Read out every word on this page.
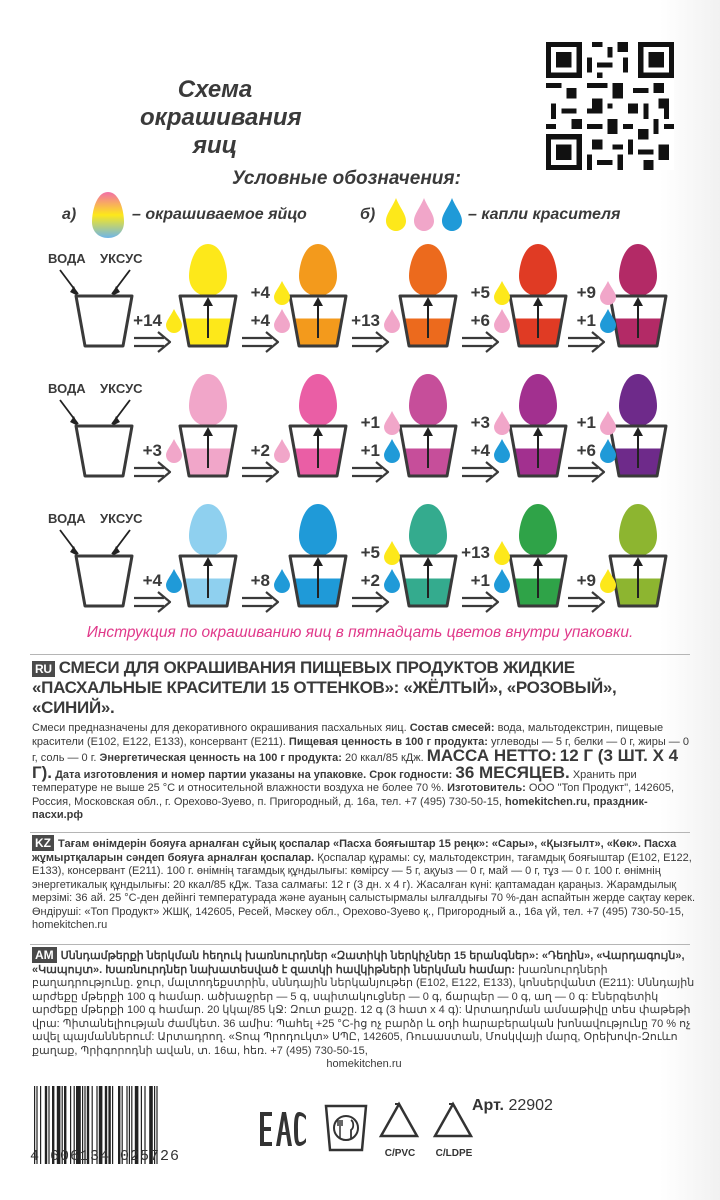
Схема
окрашивания
яиц
Условные обозначения:
а)	– окрашиваемое яйцо	б)	– капли красителя
ВОДА УКСУС
+14
+4
+4	+13
+5
+6
+9
+1
ВОДА УКСУС
+3	+2
+1
+1
+3
+4
+1
+6
ВОДА УКСУС
+4	+8
+5
+2
+13
+1	+9
Инструкция по окрашиванию яиц в пятнадцать цветов внутри упаковки.
RU СМЕСИ ДЛЯ ОКРАШИВАНИЯ ПИЩЕВЫХ ПРОДУКТОВ ЖИДКИЕ «ПАСХАЛЬНЫЕ КРАСИТЕЛИ 15 ОТТЕНКОВ»: «ЖЁЛТЫЙ», «РОЗОВЫЙ», «СИНИЙ».
Смеси предназначены для декоративного окрашивания пасхальных яиц. Состав смесей: вода, мальтодекстрин, пищевые красители (E102, E122, E133), консервант (E211). Пищевая ценность в 100 г продукта: углеводы — 5 г, белки — 0 г, жиры — 0 г, соль — 0 г. Энергетическая ценность на 100 г продукта: 20 ккал/85 кДж. МАССА НЕТТО: 12 Г (3 ШТ. Х 4 Г). Дата изготовления и номер партии указаны на упаковке. Срок годности: 36 МЕСЯЦЕВ. Хранить при температуре не выше 25 °С и относительной влажности воздуха не более 70 %. Изготовитель: ООО "Топ Продукт", 142605, Россия, Московская обл., г. Орехово-Зуево, п. Пригородный, д. 16а, тел. +7 (495) 730-50-15, homekitchen.ru, праздник-пасхи.рф
KZ Тағам өнімдерін бояуға арналған сұйық қоспалар «Пасха бояғыштар 15 реңк»: «Сары», «Қызғылт», «Көк». Пасха жұмыртқаларын сәндеп бояуға арналған қоспалар. Қоспалар құрамы: су, мальтодекстрин, тағамдық бояғыштар (E102, E122, E133), консервант (E211). 100 г. өнімнің тағамдық құндылығы: көмірсу — 5 г, ақуыз — 0 г, май — 0 г, тұз — 0 г. 100 г. өнімнің энергетикалық құндылығы: 20 ккал/85 кДж. Таза салмағы: 12 г (3 дн. х 4 г). Жасалған күні: қаптамадан қараңыз. Жарамдылық мерзімі: 36 ай. 25 °С-ден дейінгі температурада және ауаның салыстырмалы ылғалдығы 70 %-дан аспайтын жерде сақтау керек. Өндіруші: «Топ Продукт» ЖШҚ, 142605, Ресей, Мәскеу обл., Орехово-Зуево қ., Пригородный а., 16а үй, тел. +7 (495) 730-50-15, homekitchen.ru
AM Սննդամթերքի ներկման հեղուկ խառնուրդներ «Զատիկի ներկիչներ 15 երանգներ»: «Դեղին», «Վարդագույն», «Կապույտ». Խառնուրդներ նախատեսված է զատկի հավկիթների ներկման համար: խառնուրդների բաղադրությունը. ջուր, մալտոդեքստրին, սննդային ներկանյութեր (E102, E122, E133), կոնսերվանտ (E211): Սննդային արժեքը մթերքի 100 գ համար. ածխաջրեր — 5 գ, սպիտակուցներ — 0 գ, ճարպեր — 0 գ, աղ — 0 գ: Էներգետիկ արժեքը մթերքի 100 գ համար. 20 կկալ/85 կՋ: Զուտ քաշը. 12 գ (3 հատ x 4 գ): Արտադրման ամսաթիվը տես փաթեթի վրա: Պիտանելիության ժամկետ. 36 ամիս: Պահել +25 °C-ից ոչ բարձր և օդի հարաբերական խոնավությունը 70 % ոչ ավել պայմաններում: Արտադրող. «Տոպ Պրոդուկտ» ՍՊԸ, 142605, Ռուսաստան, Մոսկվայի մարզ, Օրեխովո-Զուևո քաղաք, Պրիգորոդնի ավան, տ. 16ա, հեռ. +7 (495) 730-50-15,
homekitchen.ru
4 606134 025726	C/PVC	C/LDPE
Арт. 22902
